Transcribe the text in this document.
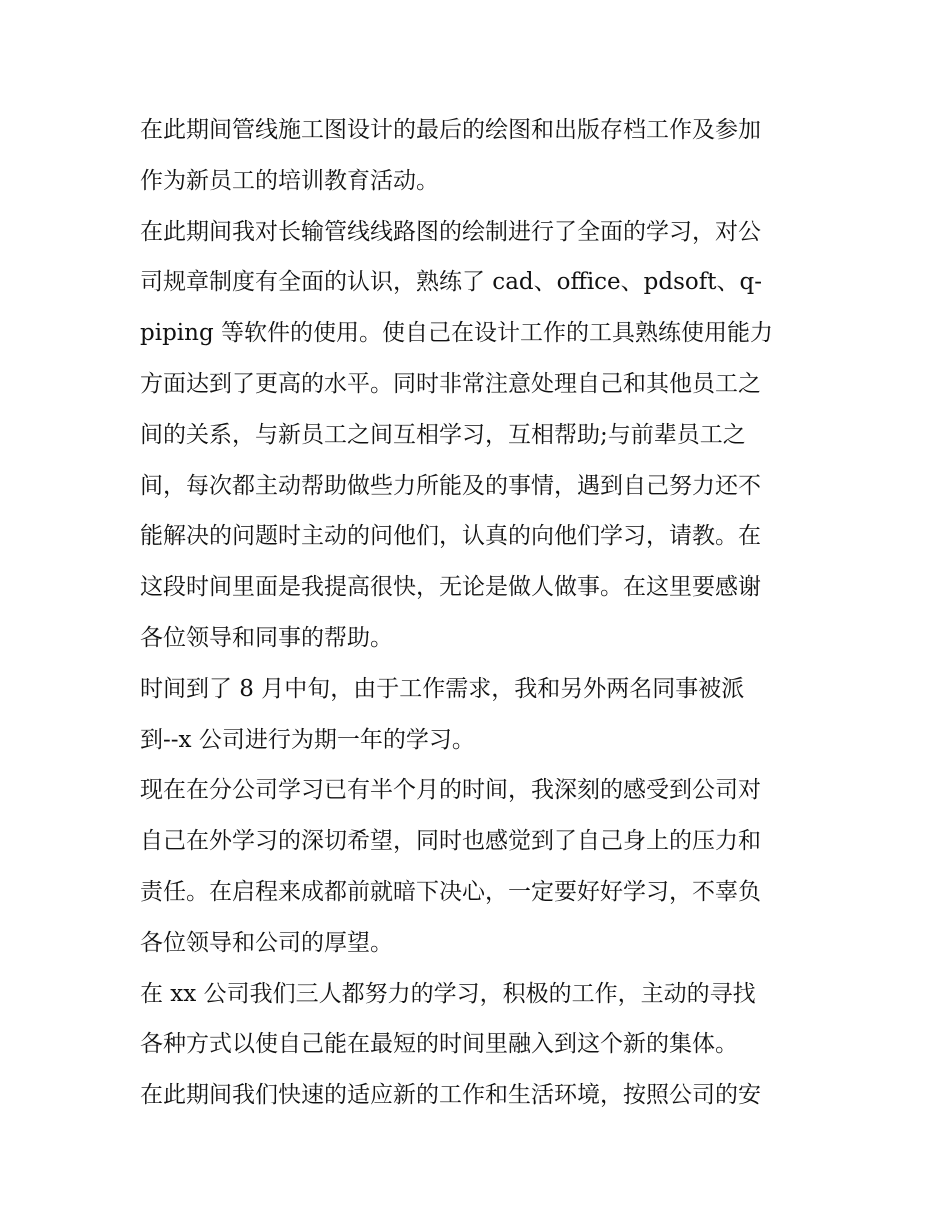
在此期间管线施工图设计的最后的绘图和出版存档工作及参加
作为新员工的培训教育活动。

在此期间我对长输管线线路图的绘制进行了全面的学习，对公
司规章制度有全面的认识，熟练了 cad、office、pdsoft、q-
piping 等软件的使用。使自己在设计工作的工具熟练使用能力
方面达到了更高的水平。同时非常注意处理自己和其他员工之
间的关系，与新员工之间互相学习，互相帮助;与前辈员工之
间，每次都主动帮助做些力所能及的事情，遇到自己努力还不
能解决的问题时主动的问他们，认真的向他们学习，请教。在
这段时间里面是我提高很快，无论是做人做事。在这里要感谢
各位领导和同事的帮助。

时间到了 8 月中旬，由于工作需求，我和另外两名同事被派
到--x 公司进行为期一年的学习。

现在在分公司学习已有半个月的时间，我深刻的感受到公司对
自己在外学习的深切希望，同时也感觉到了自己身上的压力和
责任。在启程来成都前就暗下决心，一定要好好学习，不辜负
各位领导和公司的厚望。

在 xx 公司我们三人都努力的学习，积极的工作，主动的寻找
各种方式以使自己能在最短的时间里融入到这个新的集体。

在此期间我们快速的适应新的工作和生活环境，按照公司的安
